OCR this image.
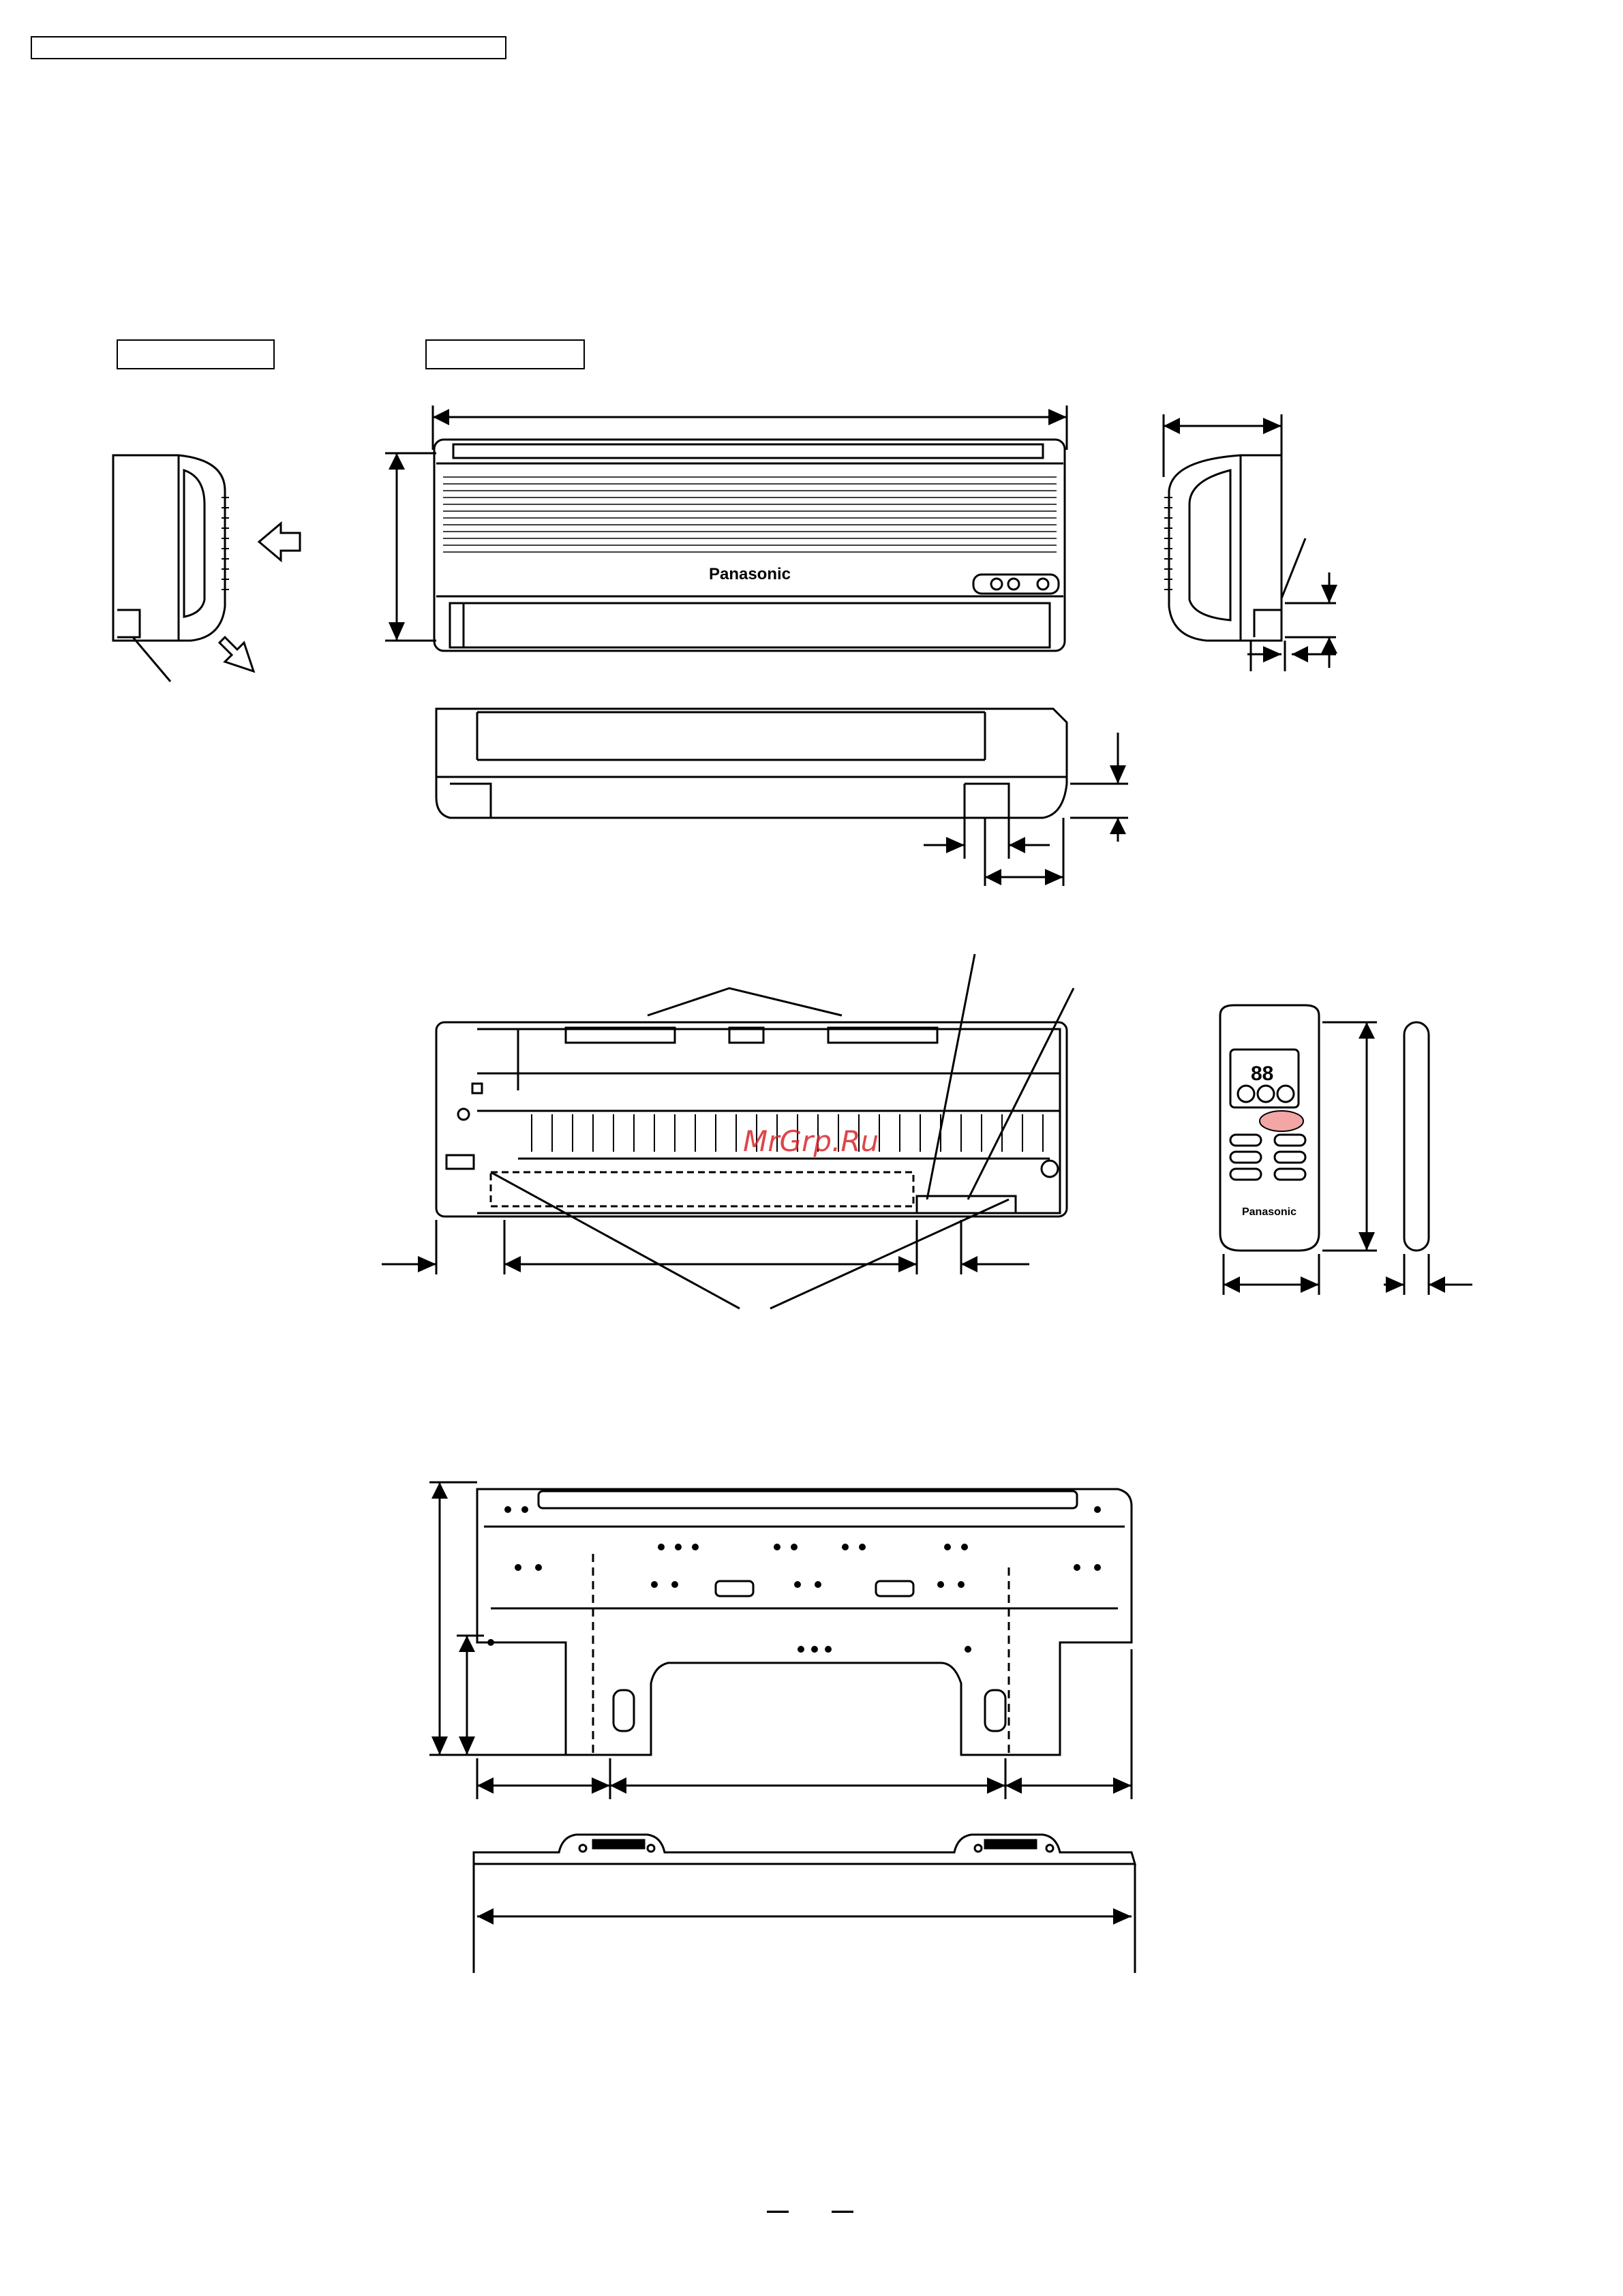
Panasonic
88
Panasonic
MrGrp.Ru
— —
